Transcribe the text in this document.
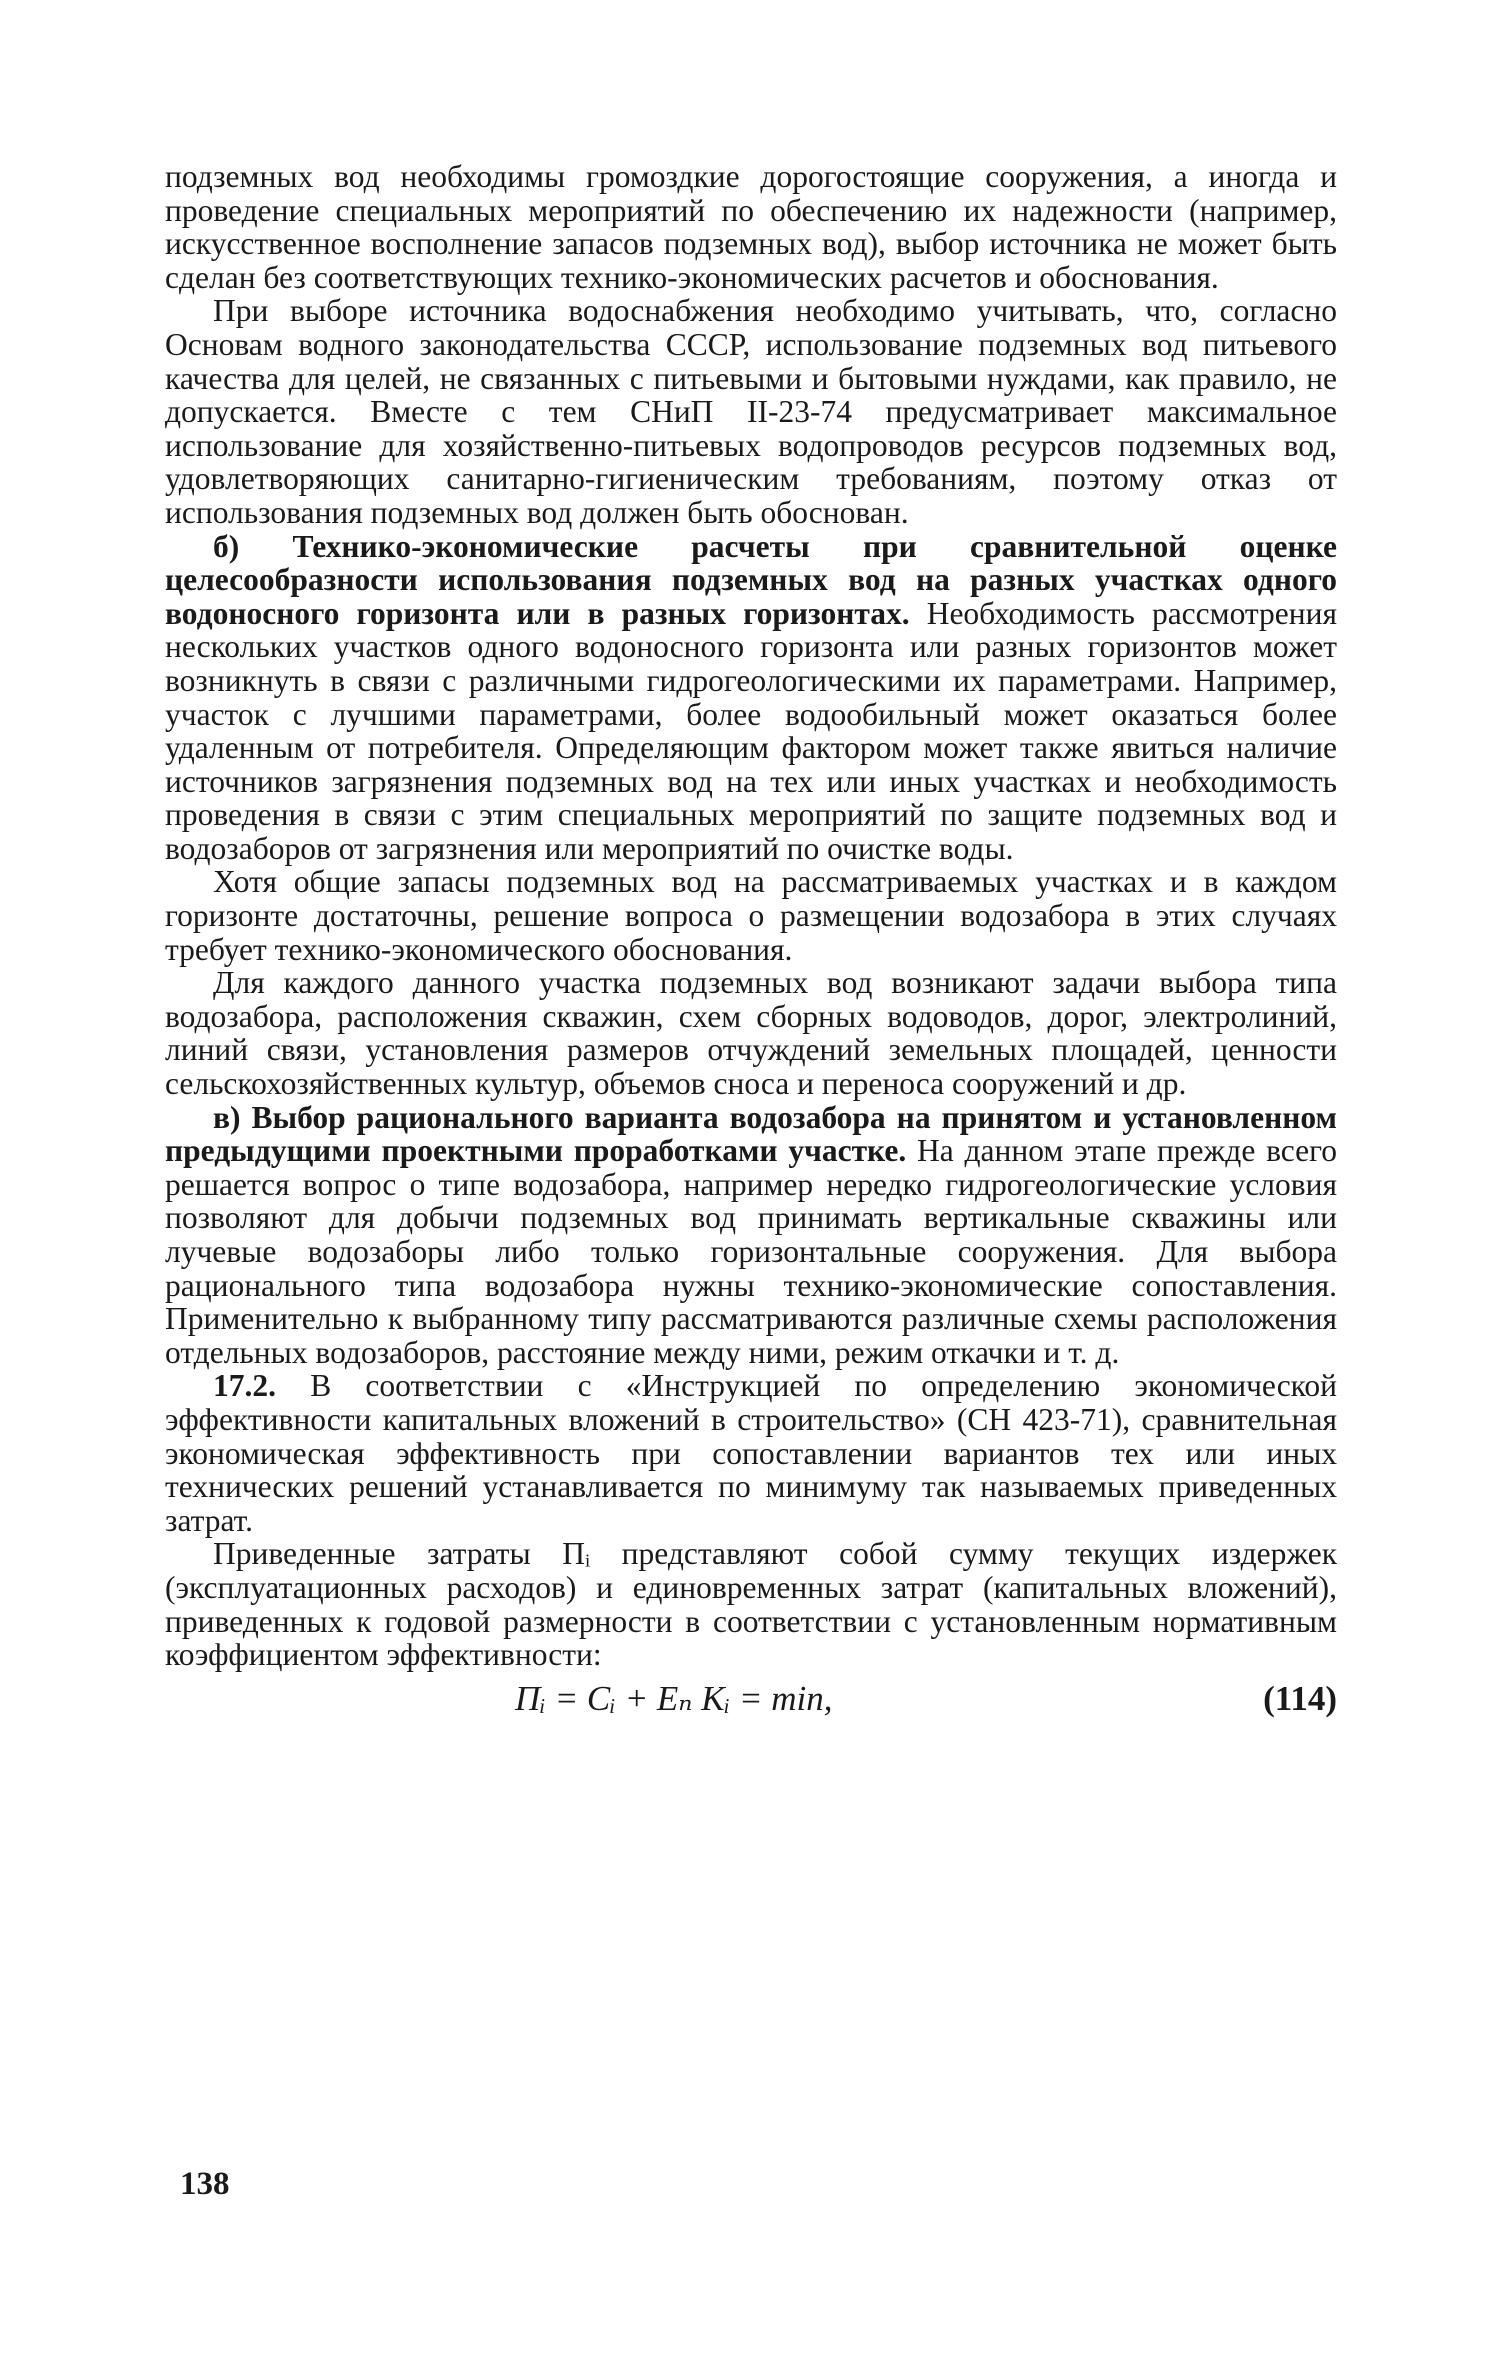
подземных вод необходимы громоздкие дорогостоящие сооружения, а иногда и проведение специальных мероприятий по обеспечению их надежности (например, искусственное восполнение запасов подземных вод), выбор источника не может быть сделан без соответствующих технико-экономических расчетов и обоснования.

При выборе источника водоснабжения необходимо учитывать, что, согласно Основам водного законодательства СССР, использование подземных вод питьевого качества для целей, не связанных с питьевыми и бытовыми нуждами, как правило, не допускается. Вместе с тем СНиП II-23-74 предусматривает максимальное использование для хозяйственно-питьевых водопроводов ресурсов подземных вод, удовлетворяющих санитарно-гигиеническим требованиям, поэтому отказ от использования подземных вод должен быть обоснован.

б) Технико-экономические расчеты при сравнительной оценке целесообразности использования подземных вод на разных участках одного водоносного горизонта или в разных горизонтах. Необходимость рассмотрения нескольких участков одного водоносного горизонта или разных горизонтов может возникнуть в связи с различными гидрогеологическими их параметрами. Например, участок с лучшими параметрами, более водообильный может оказаться более удаленным от потребителя. Определяющим фактором может также явиться наличие источников загрязнения подземных вод на тех или иных участках и необходимость проведения в связи с этим специальных мероприятий по защите подземных вод и водозаборов от загрязнения или мероприятий по очистке воды.

Хотя общие запасы подземных вод на рассматриваемых участках и в каждом горизонте достаточны, решение вопроса о размещении водозабора в этих случаях требует технико-экономического обоснования.

Для каждого данного участка подземных вод возникают задачи выбора типа водозабора, расположения скважин, схем сборных водоводов, дорог, электролиний, линий связи, установления размеров отчуждений земельных площадей, ценности сельскохозяйственных культур, объемов сноса и переноса сооружений и др.

в) Выбор рационального варианта водозабора на принятом и установленном предыдущими проектными проработками участке. На данном этапе прежде всего решается вопрос о типе водозабора, например нередко гидрогеологические условия позволяют для добычи подземных вод принимать вертикальные скважины или лучевые водозаборы либо только горизонтальные сооружения. Для выбора рационального типа водозабора нужны технико-экономические сопоставления. Применительно к выбранному типу рассматриваются различные схемы расположения отдельных водозаборов, расстояние между ними, режим откачки и т. д.

17.2. В соответствии с «Инструкцией по определению экономической эффективности капитальных вложений в строительство» (СН 423-71), сравнительная экономическая эффективность при сопоставлении вариантов тех или иных технических решений устанавливается по минимуму так называемых приведенных затрат.

Приведенные затраты Пᵢ представляют собой сумму текущих издержек (эксплуатационных расходов) и единовременных затрат (капитальных вложений), приведенных к годовой размерности в соответствии с установленным нормативным коэффициентом эффективности:

Пᵢ = Cᵢ + Eₙ Kᵢ = min,	(114)
138
